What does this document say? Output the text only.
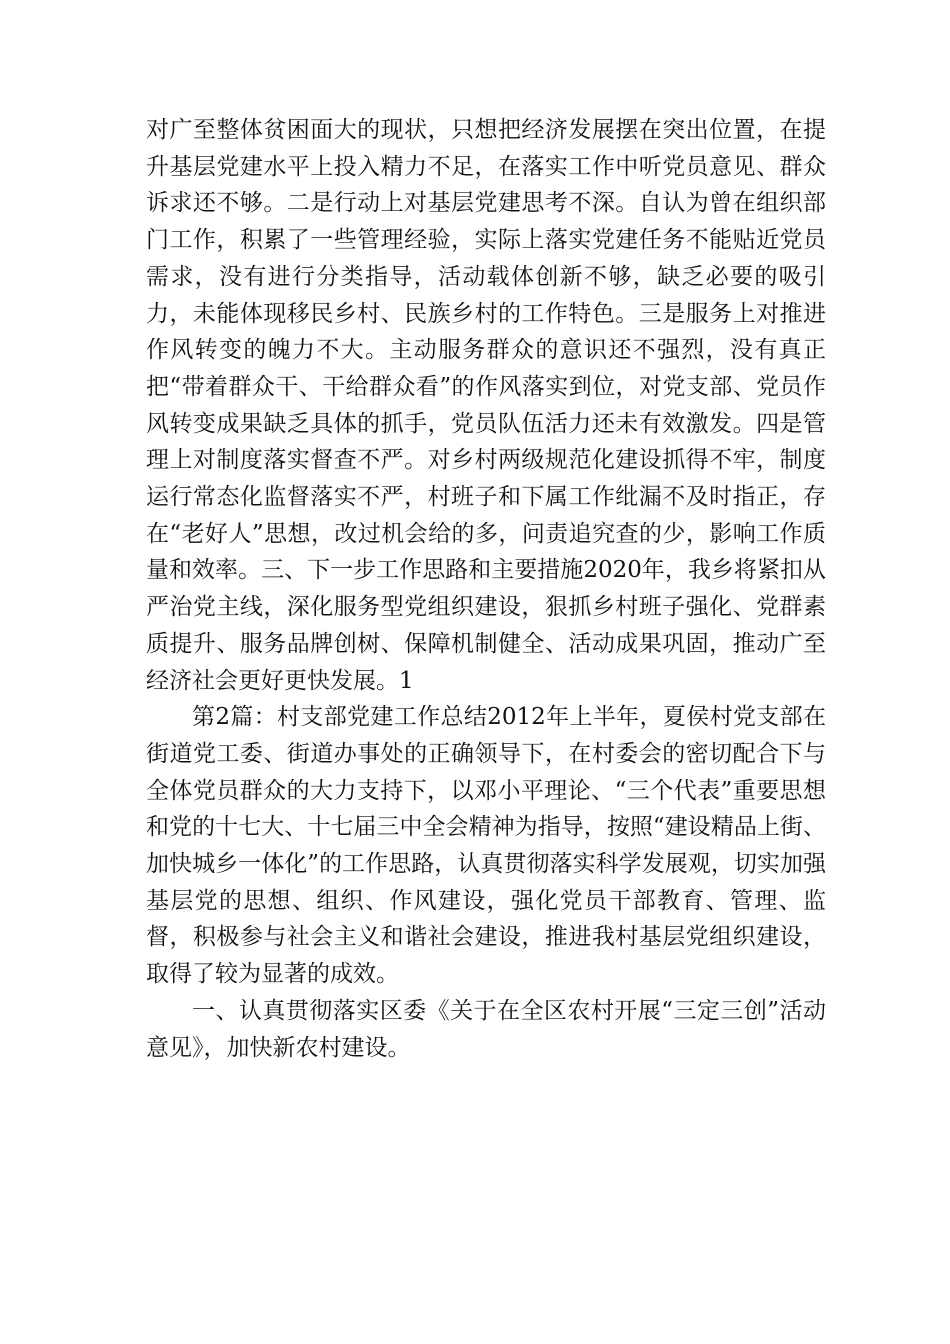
对广至整体贫困面大的现状，只想把经济发展摆在突出位置，在提升基层党建水平上投入精力不足，在落实工作中听党员意见、群众诉求还不够。二是行动上对基层党建思考不深。自认为曾在组织部门工作，积累了一些管理经验，实际上落实党建任务不能贴近党员需求，没有进行分类指导，活动载体创新不够，缺乏必要的吸引力，未能体现移民乡村、民族乡村的工作特色。三是服务上对推进作风转变的魄力不大。主动服务群众的意识还不强烈，没有真正把“带着群众干、干给群众看”的作风落实到位，对党支部、党员作风转变成果缺乏具体的抓手，党员队伍活力还未有效激发。四是管理上对制度落实督查不严。对乡村两级规范化建设抓得不牢，制度运行常态化监督落实不严，村班子和下属工作纰漏不及时指正，存在“老好人”思想，改过机会给的多，问责追究查的少，影响工作质量和效率。三、下一步工作思路和主要措施2020年，我乡将紧扣从严治党主线，深化服务型党组织建设，狠抓乡村班子强化、党群素质提升、服务品牌创树、保障机制健全、活动成果巩固，推动广至经济社会更好更快发展。1

第2篇：村支部党建工作总结2012年上半年，夏侯村党支部在街道党工委、街道办事处的正确领导下，在村委会的密切配合下与全体党员群众的大力支持下，以邓小平理论、“三个代表”重要思想和党的十七大、十七届三中全会精神为指导，按照“建设精品上街、加快城乡一体化”的工作思路，认真贯彻落实科学发展观，切实加强基层党的思想、组织、作风建设，强化党员干部教育、管理、监督，积极参与社会主义和谐社会建设，推进我村基层党组织建设，取得了较为显著的成效。

一、认真贯彻落实区委《关于在全区农村开展“三定三创”活动意见》，加快新农村建设。
